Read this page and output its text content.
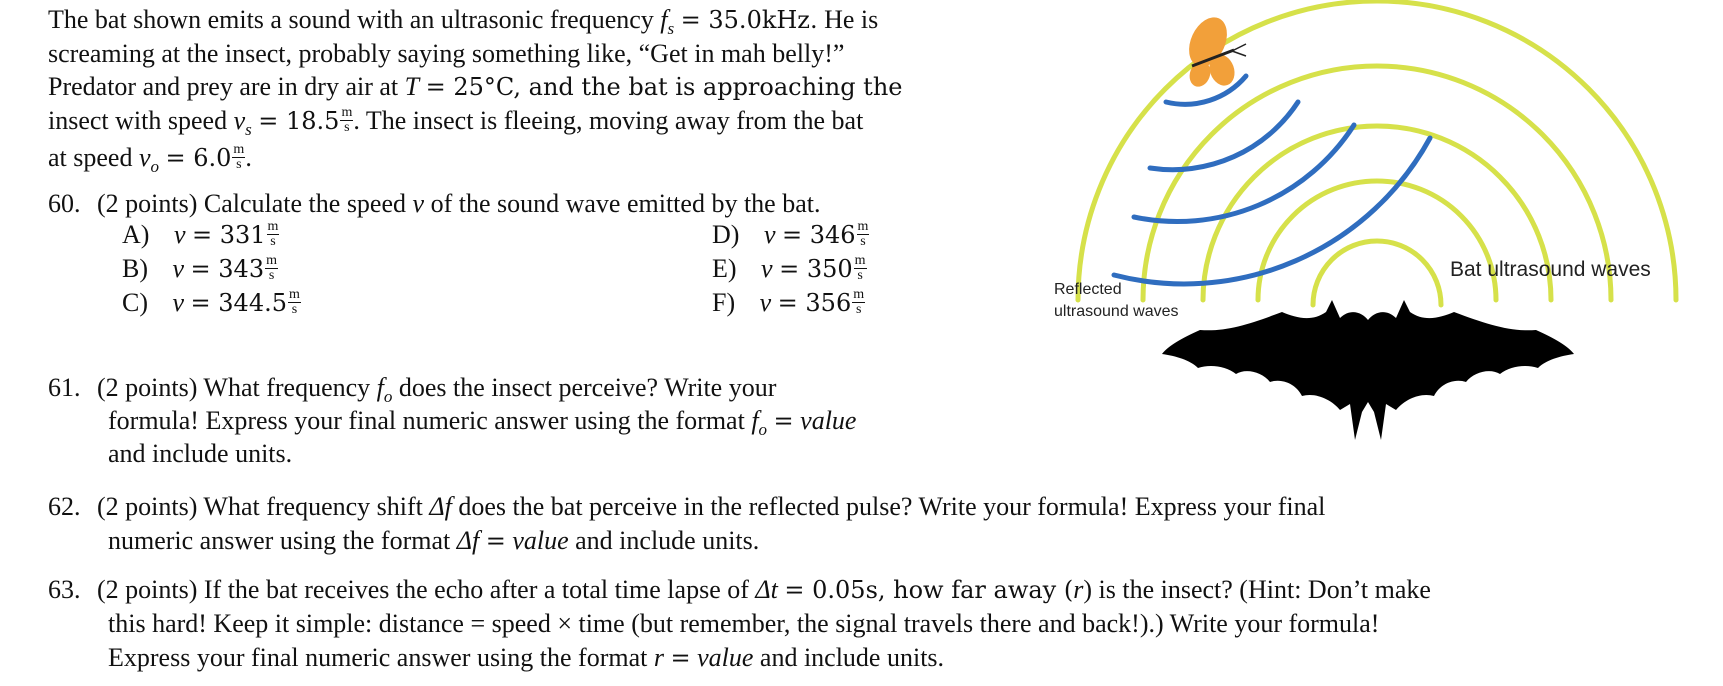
The bat shown emits a sound with an ultrasonic frequency $f_s = 35.0kHz$. He is
screaming at the insect, probably saying something like, “Get in mah belly!”
Predator and prey are in dry air at T = 25°C, and the bat is approaching the
insect with speed $v_s = 18.5 \frac{m}{s}$ . The insect is fleeing, moving away from the bat
at speed $v_o = 6.0 \frac{m}{s}$ .
60. (2 points) Calculate the speed v of the sound wave emitted by the bat.
A) $v = 331 \frac{m}{s}$
B) $v = 343 \frac{m}{s}$
C) $v = 344.5 \frac{m}{s}$
D) $v = 346 \frac{m}{s}$
E) $v = 350 \frac{m}{s}$
F) $v = 356 \frac{m}{s}$
61. (2 points) What frequency $f_o$ does the insect perceive? Write your
formula! Express your final numeric answer using the format $f_o$ = value
and include units.
62. (2 points) What frequency shift Δf does the bat perceive in the reflected pulse? Write your formula! Express your final
numeric answer using the format Δf = value and include units.
63. (2 points) If the bat receives the echo after a total time lapse of Δt = 0.05s, how far away (r) is the insect? (Hint: Don’t make
this hard! Keep it simple: distance = speed × time (but remember, the signal travels there and back!).) Write your formula!
Express your final numeric answer using the format r = value and include units.
Bat ultrasound waves
Reflected
ultrasound waves
